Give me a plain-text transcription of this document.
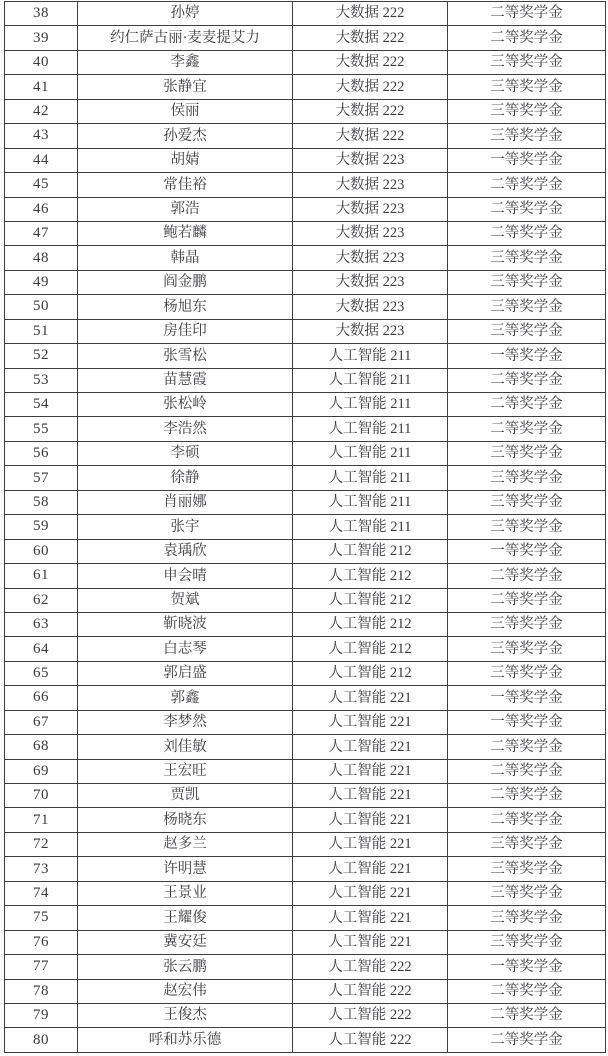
38	孙婷	大数据 222	二等奖学金
39	约仁萨古丽·麦麦提艾力	大数据 222	二等奖学金
40	李鑫	大数据 222	三等奖学金
41	张静宜	大数据 222	三等奖学金
42	侯丽	大数据 222	三等奖学金
43	孙爱杰	大数据 222	三等奖学金
44	胡婧	大数据 223	一等奖学金
45	常佳裕	大数据 223	二等奖学金
46	郭浩	大数据 223	二等奖学金
47	鲍若麟	大数据 223	二等奖学金
48	韩晶	大数据 223	三等奖学金
49	阎金鹏	大数据 223	三等奖学金
50	杨旭东	大数据 223	三等奖学金
51	房佳印	大数据 223	三等奖学金
52	张雪松	人工智能 211	一等奖学金
53	苗慧霞	人工智能 211	二等奖学金
54	张松岭	人工智能 211	二等奖学金
55	李浩然	人工智能 211	二等奖学金
56	李硕	人工智能 211	三等奖学金
57	徐静	人工智能 211	三等奖学金
58	肖丽娜	人工智能 211	三等奖学金
59	张宇	人工智能 211	三等奖学金
60	袁瑀欣	人工智能 212	一等奖学金
61	申会晴	人工智能 212	二等奖学金
62	贺斌	人工智能 212	二等奖学金
63	靳晓波	人工智能 212	三等奖学金
64	白志琴	人工智能 212	三等奖学金
65	郭启盛	人工智能 212	三等奖学金
66	郭鑫	人工智能 221	一等奖学金
67	李梦然	人工智能 221	一等奖学金
68	刘佳敏	人工智能 221	二等奖学金
69	王宏旺	人工智能 221	二等奖学金
70	贾凯	人工智能 221	二等奖学金
71	杨晓东	人工智能 221	二等奖学金
72	赵多兰	人工智能 221	三等奖学金
73	许明慧	人工智能 221	三等奖学金
74	王景业	人工智能 221	三等奖学金
75	王耀俊	人工智能 221	三等奖学金
76	冀安廷	人工智能 221	三等奖学金
77	张云鹏	人工智能 222	一等奖学金
78	赵宏伟	人工智能 222	二等奖学金
79	王俊杰	人工智能 222	二等奖学金
80	呼和苏乐德	人工智能 222	二等奖学金
